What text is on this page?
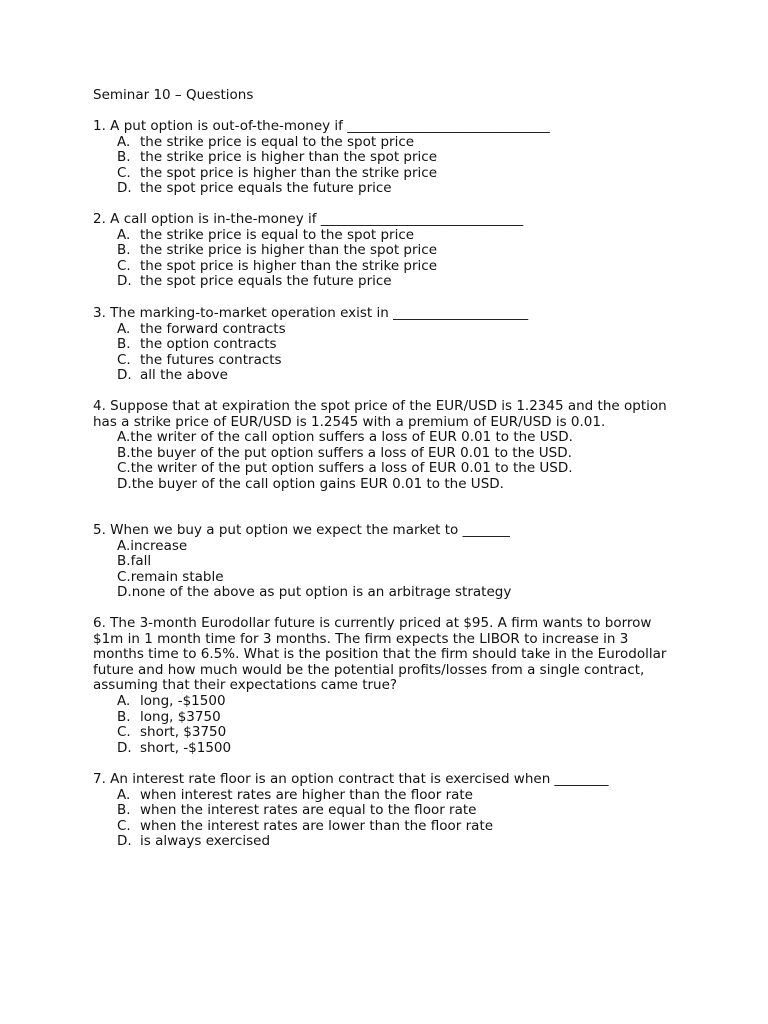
Seminar 10 – Questions
1. A put option is out-of-the-money if ______________________________
A. the strike price is equal to the spot price
B. the strike price is higher than the spot price
C. the spot price is higher than the strike price
D. the spot price equals the future price
2. A call option is in-the-money if ______________________________
A. the strike price is equal to the spot price
B. the strike price is higher than the spot price
C. the spot price is higher than the strike price
D. the spot price equals the future price
3. The marking-to-market operation exist in ____________________
A. the forward contracts
B. the option contracts
C. the futures contracts
D. all the above
4. Suppose that at expiration the spot price of the EUR/USD is 1.2345 and the option has a strike price of EUR/USD is 1.2545 with a premium of EUR/USD is 0.01.
A.the writer of the call option suffers a loss of EUR 0.01 to the USD.
B.the buyer of the put option suffers a loss of EUR 0.01 to the USD.
C.the writer of the put option suffers a loss of EUR 0.01 to the USD.
D.the buyer of the call option gains EUR 0.01 to the USD.
5. When we buy a put option we expect the market to _______
A.increase
B.fall
C.remain stable
D.none of the above as put option is an arbitrage strategy
6. The 3-month Eurodollar future is currently priced at $95. A firm wants to borrow $1m in 1 month time for 3 months. The firm expects the LIBOR to increase in 3 months time to 6.5%. What is the position that the firm should take in the Eurodollar future and how much would be the potential profits/losses from a single contract, assuming that their expectations came true?
A. long, -$1500
B. long, $3750
C. short, $3750
D. short, -$1500
7. An interest rate floor is an option contract that is exercised when ________
A. when interest rates are higher than the floor rate
B. when the interest rates are equal to the floor rate
C. when the interest rates are lower than the floor rate
D. is always exercised
